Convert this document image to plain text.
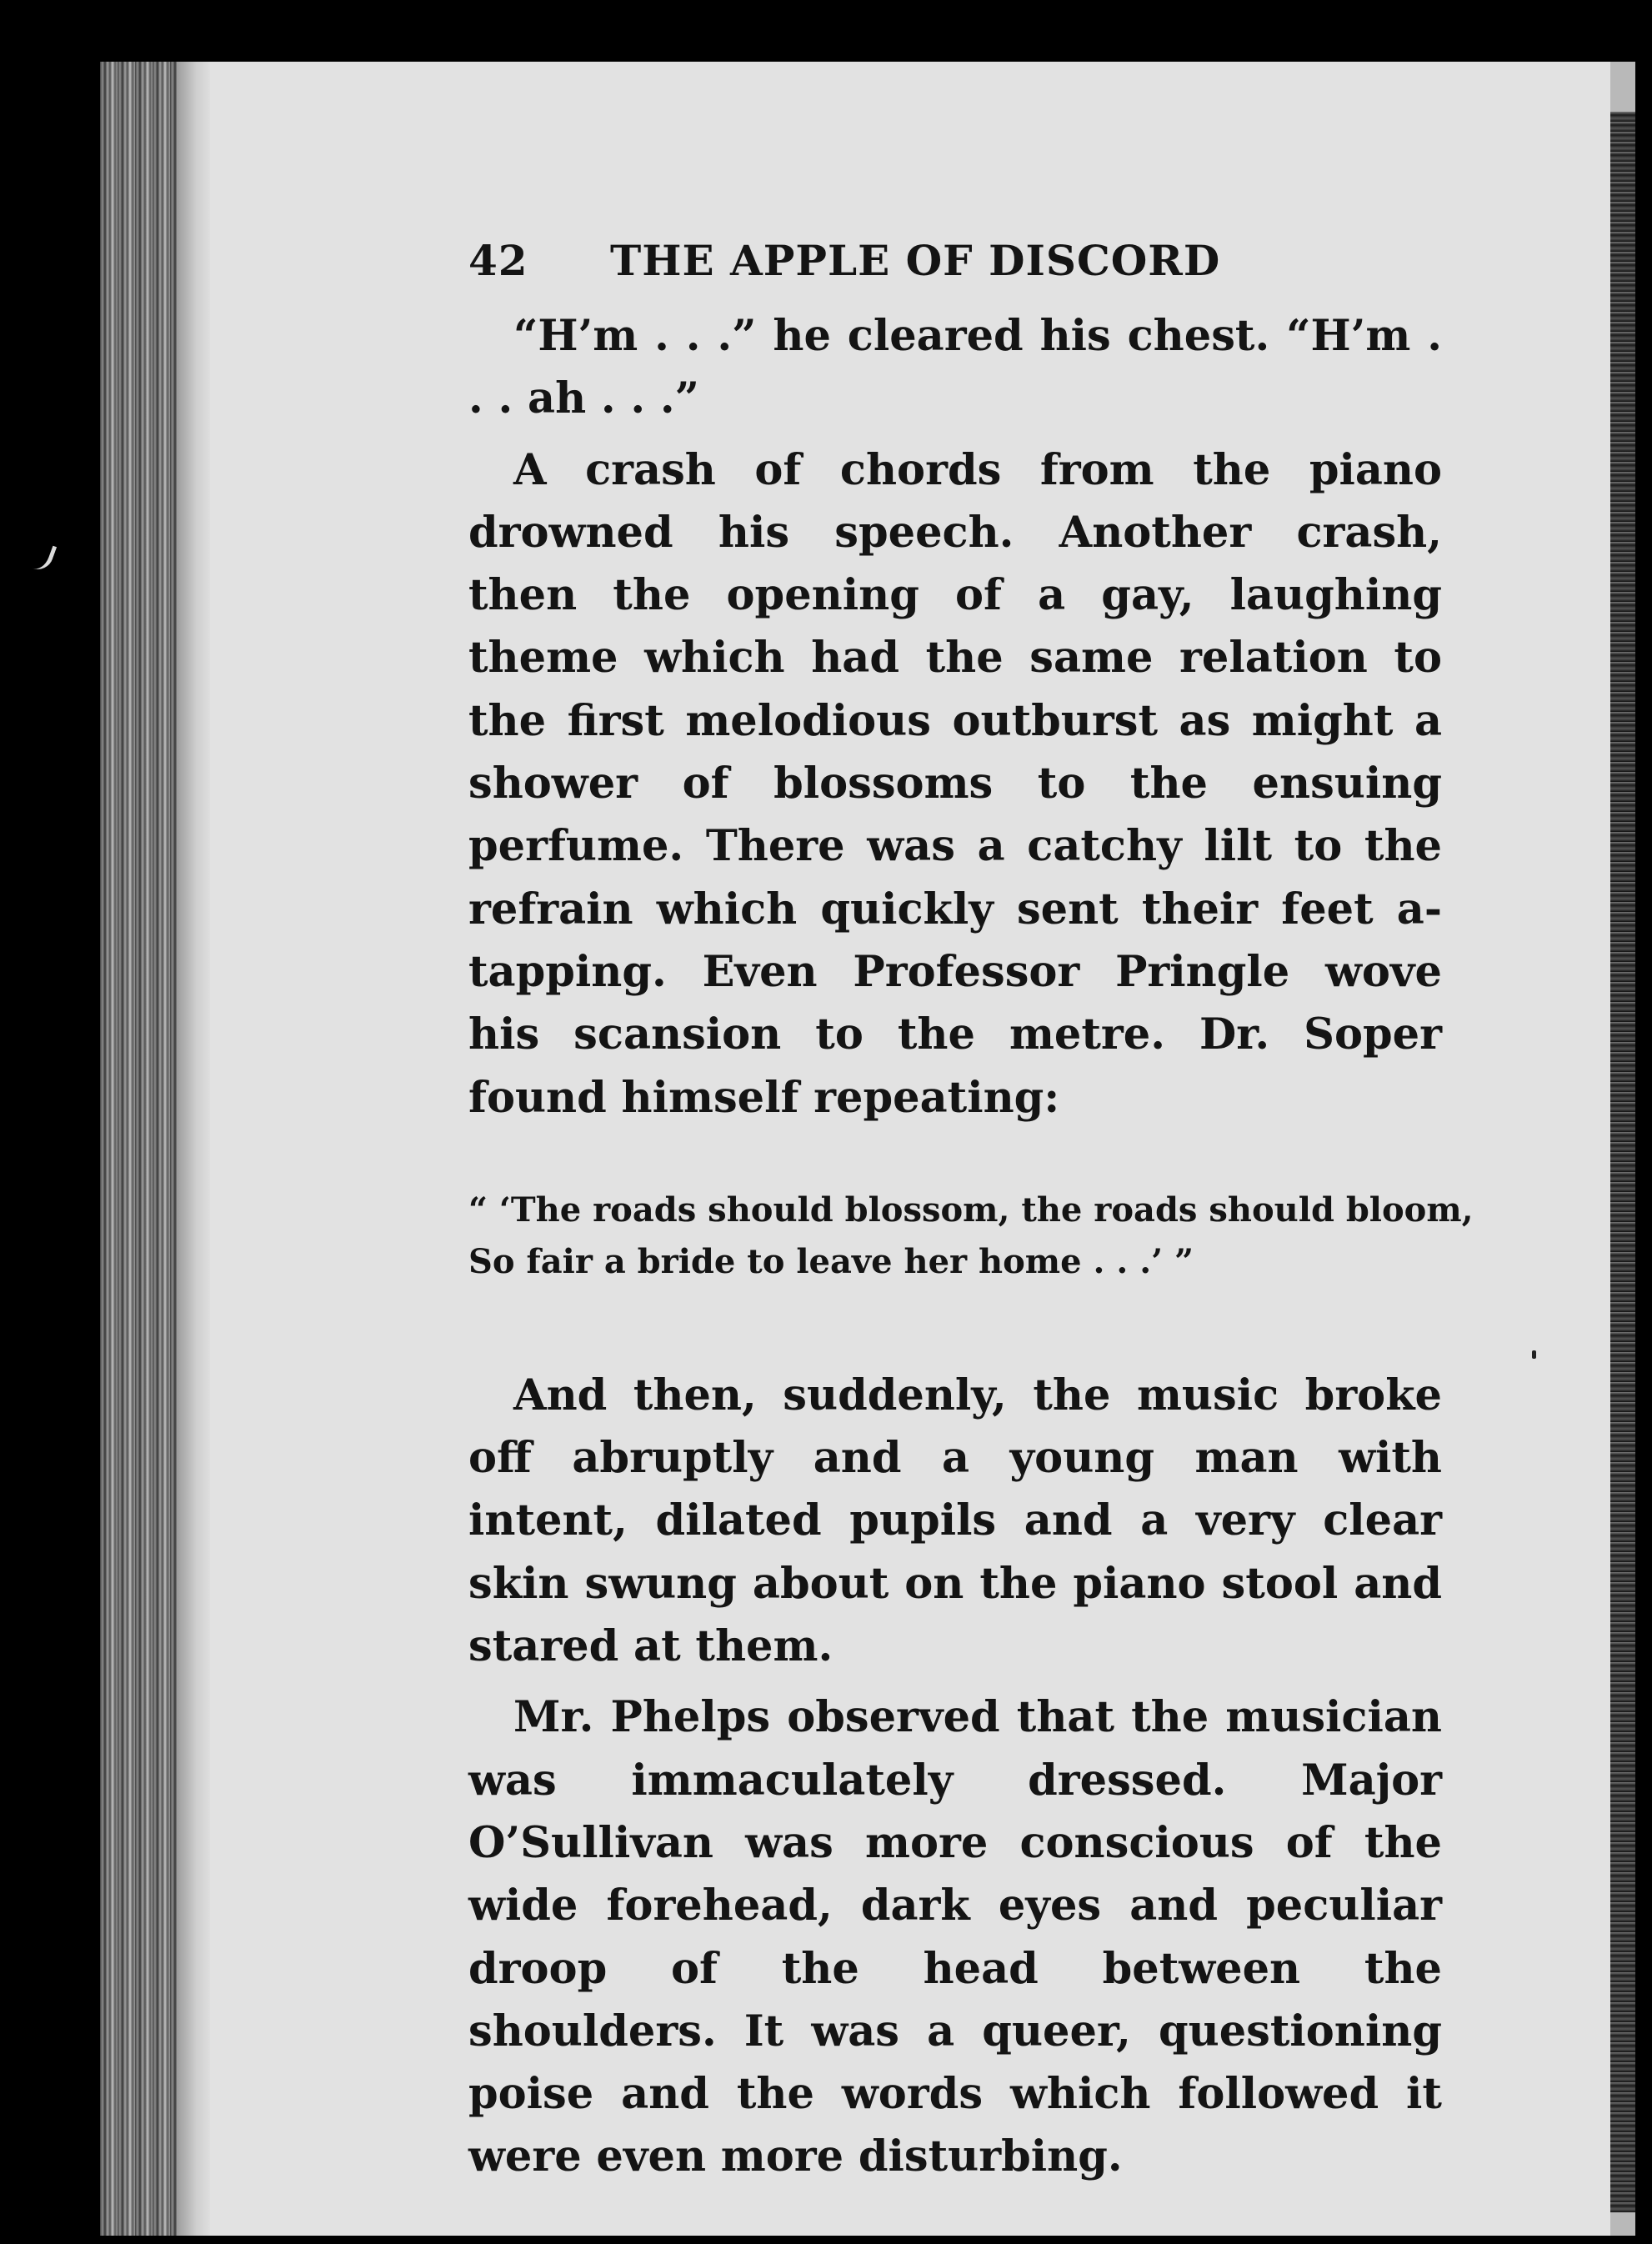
42	THE APPLE OF DISCORD

“H’m . . .” he cleared his chest. “H’m . . . ah . . .”

A crash of chords from the piano drowned his speech. Another crash, then the opening of a gay, laughing theme which had the same relation to the first melodious outburst as might a shower of blossoms to the ensuing perfume. There was a catchy lilt to the refrain which quickly sent their feet a-tapping. Even Professor Pringle wove his scansion to the metre. Dr. Soper found himself repeating:

“ ‘The roads should blossom, the roads should bloom,
So fair a bride to leave her home . . .’ ”

And then, suddenly, the music broke off abruptly and a young man with intent, dilated pupils and a very clear skin swung about on the piano stool and stared at them.

Mr. Phelps observed that the musician was immaculately dressed. Major O’Sullivan was more conscious of the wide forehead, dark eyes and peculiar droop of the head between the shoulders. It was a queer, questioning poise and the words which followed it were even more disturbing.
